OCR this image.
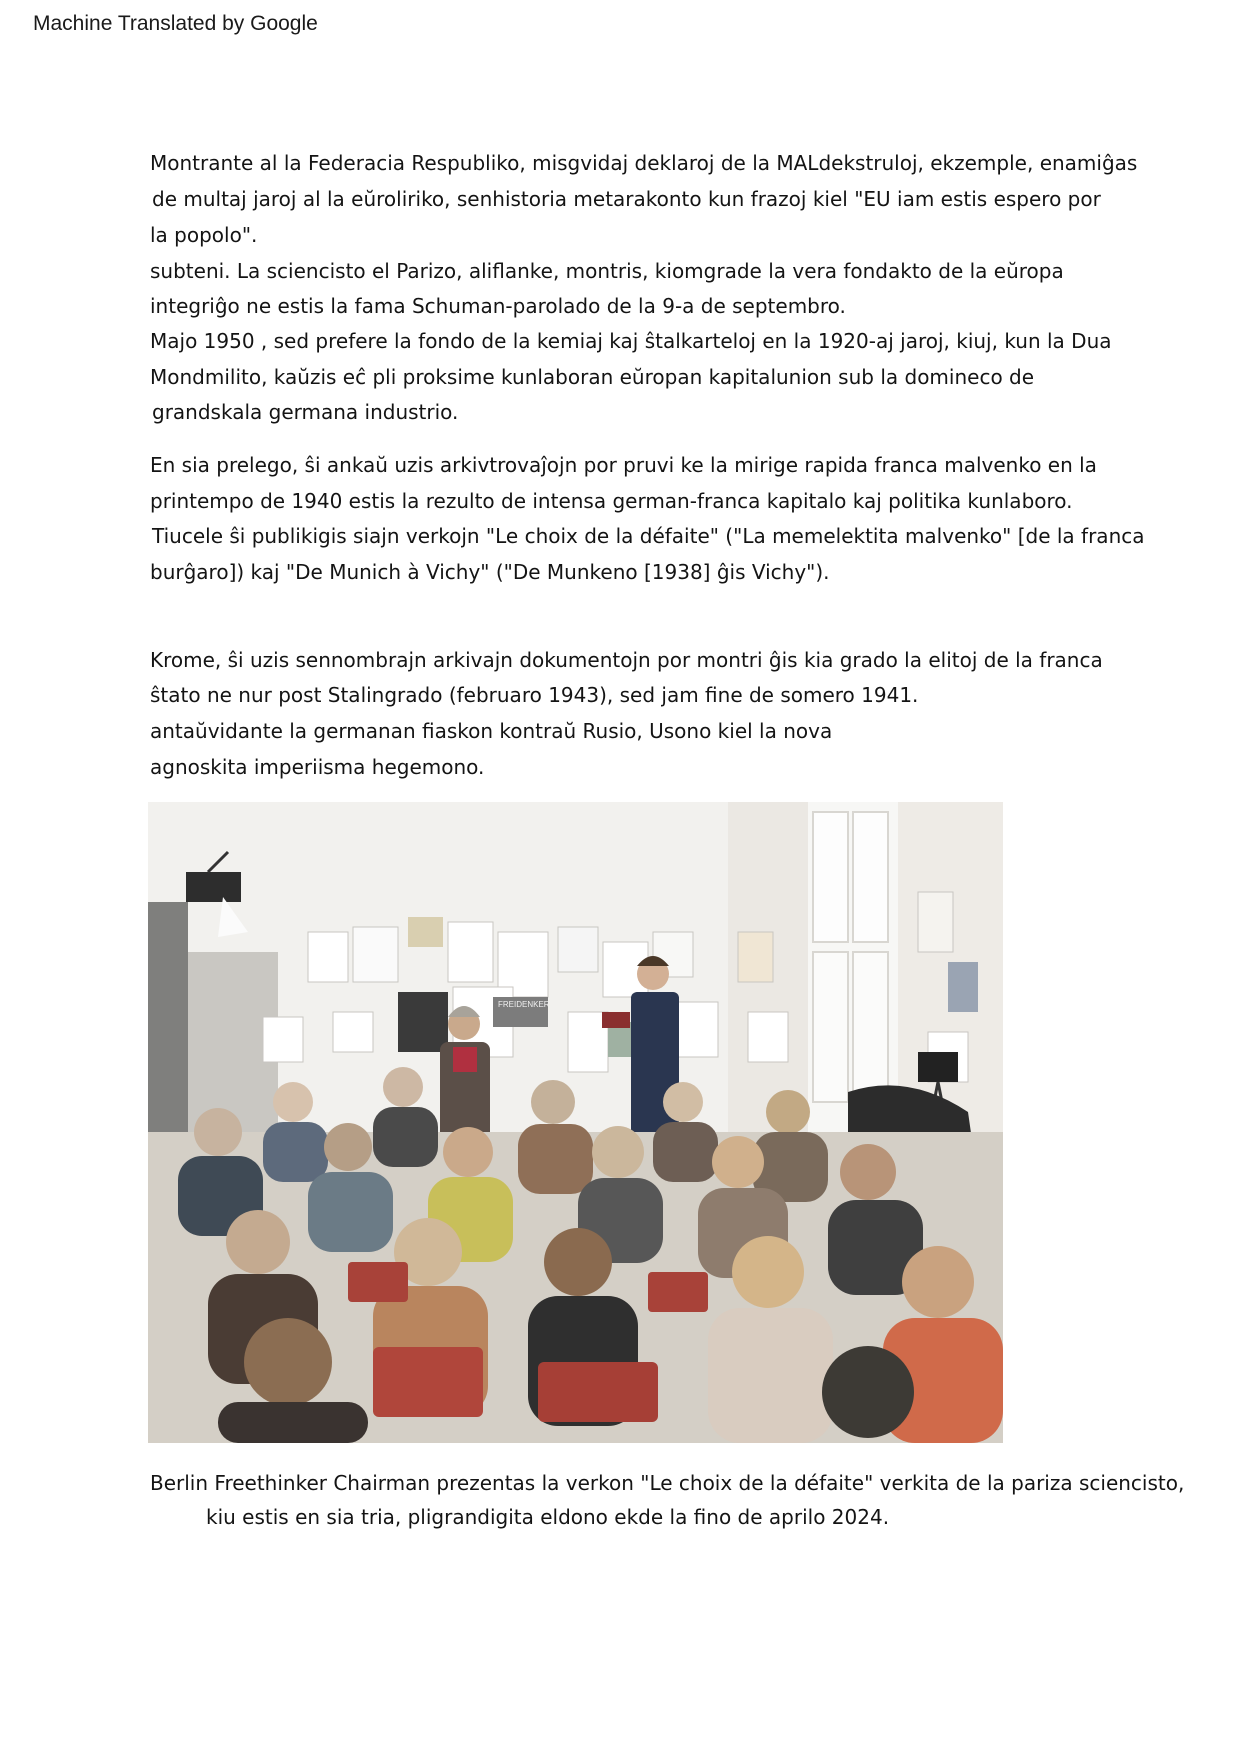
Machine Translated by Google
Montrante al la Federacia Respubliko, misgvidaj deklaroj de la MALdekstruloj, ekzemple, enamiĝas
de multaj jaroj al la eŭroliriko, senhistoria metarakonto kun frazoj kiel "EU iam estis espero por
la popolo".
subteni. La sciencisto el Parizo, aliflanke, montris, kiomgrade la vera fondakto de la eŭropa
integriĝo ne estis la fama Schuman-parolado de la 9-a de septembro.
Majo 1950 , sed prefere la fondo de la kemiaj kaj ŝtalkarteloj en la 1920-aj jaroj, kiuj, kun la Dua
Mondmilito, kaŭzis eĉ pli proksime kunlaboran eŭropan kapitalunion sub la domineco de
grandskala germana industrio.
En sia prelego, ŝi ankaŭ uzis arkivtrovaĵojn por pruvi ke la mirige rapida franca malvenko en la
printempo de 1940 estis la rezulto de intensa german-franca kapitalo kaj politika kunlaboro.
Tiucele ŝi publikigis siajn verkojn "Le choix de la défaite" ("La memelektita malvenko" [de la franca
burĝaro]) kaj "De Munich à Vichy" ("De Munkeno [1938] ĝis Vichy").
Krome, ŝi uzis sennombrajn arkivajn dokumentojn por montri ĝis kia grado la elitoj de la franca
ŝtato ne nur post Stalingrado (februaro 1943), sed jam fine de somero 1941.
antaŭvidante la germanan fiaskon kontraŭ Rusio, Usono kiel la nova
agnoskita imperiisma hegemono.
FREIDENKER
Berlin Freethinker Chairman prezentas la verkon "Le choix de la défaite" verkita de la pariza sciencisto,
kiu estis en sia tria, pligrandigita eldono ekde la fino de aprilo 2024.
